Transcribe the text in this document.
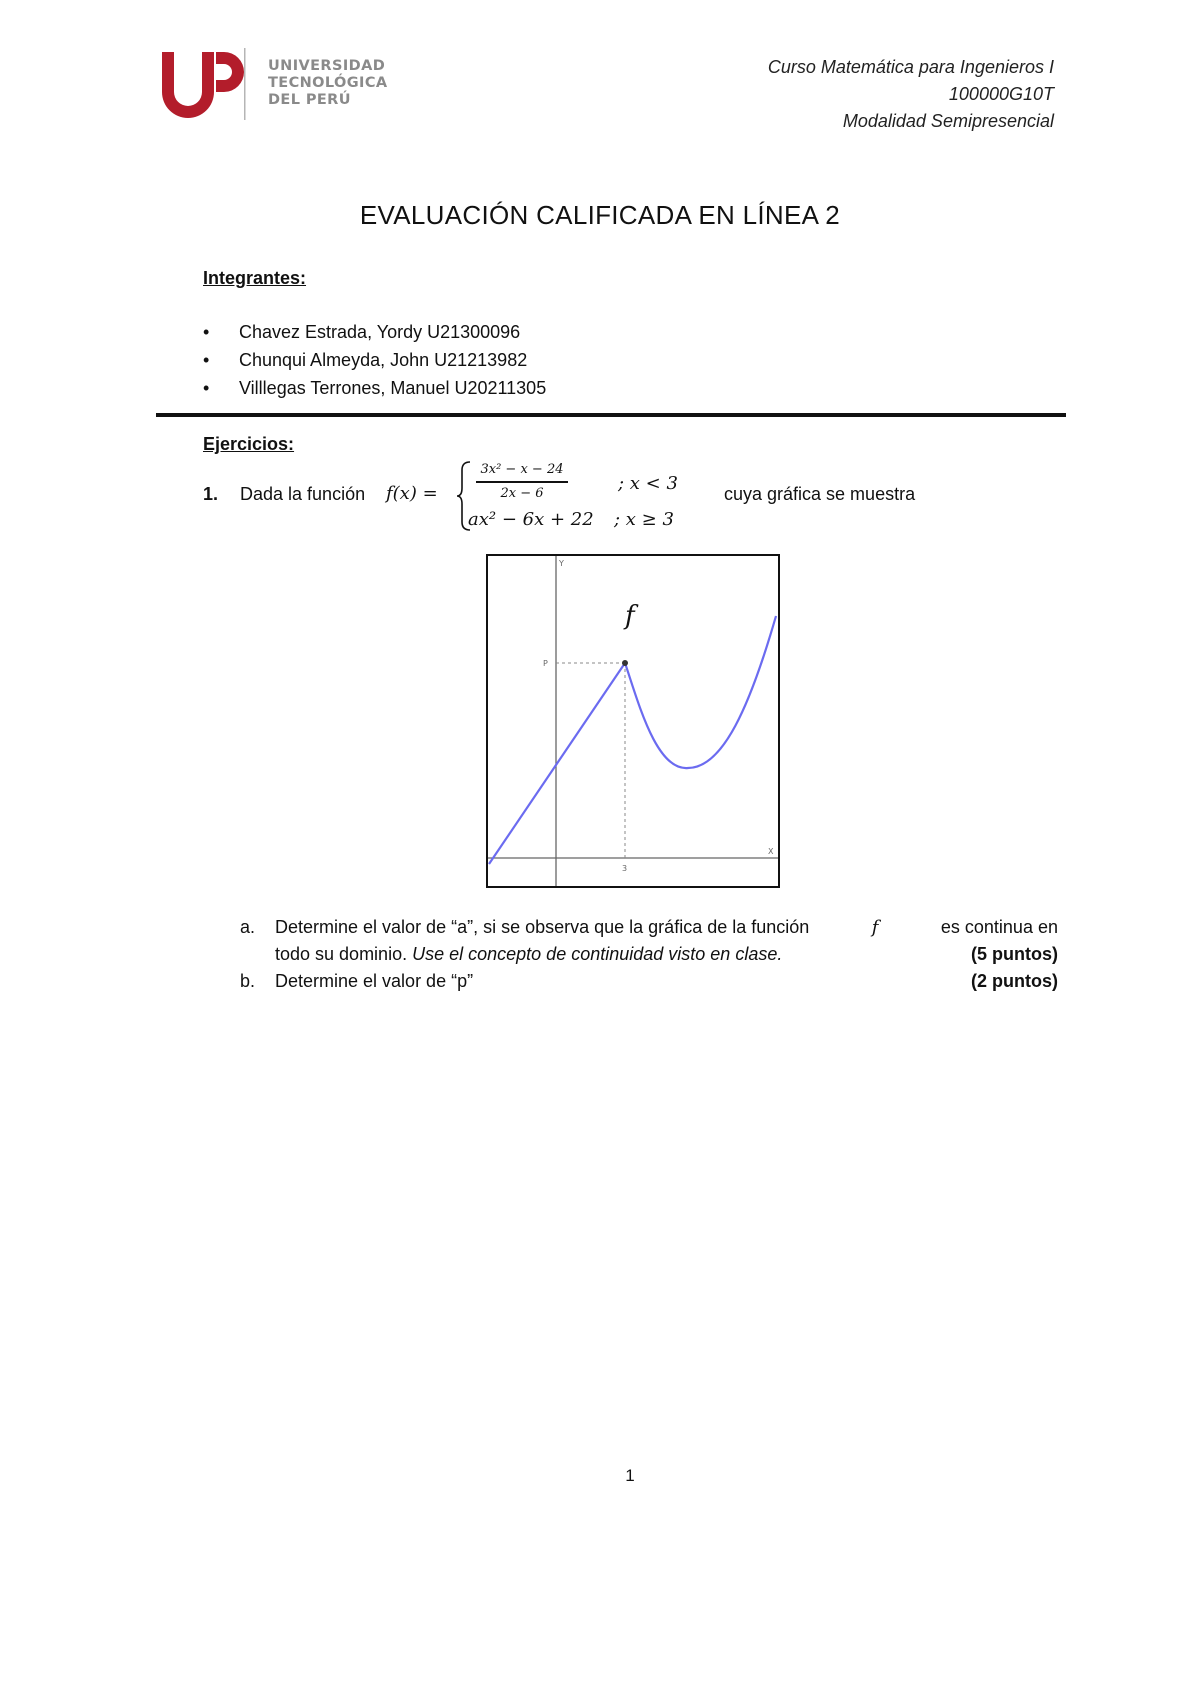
UNIVERSIDAD
TECNOLÓGICA
DEL PERÚ
Curso Matemática para Ingenieros I
100000G10T
Modalidad Semipresencial
EVALUACIÓN CALIFICADA EN LÍNEA 2
Integrantes:
• Chavez Estrada, Yordy U21300096
• Chunqui Almeyda, John U21213982
• Villlegas Terrones, Manuel U20211305
Ejercicios:
1. Dada la función f(x) =
3x² − x − 24
2x − 6	; x < 3
ax² − 6x + 22 ; x ≥ 3
cuya gráfica se muestra
f
Y
X
P
3
a. Determine el valor de “a”, si se observa que la gráfica de la función	f	es continua en
todo su dominio. Use el concepto de continuidad visto en clase.	(5 puntos)
b. Determine el valor de “p”	(2 puntos)
1
